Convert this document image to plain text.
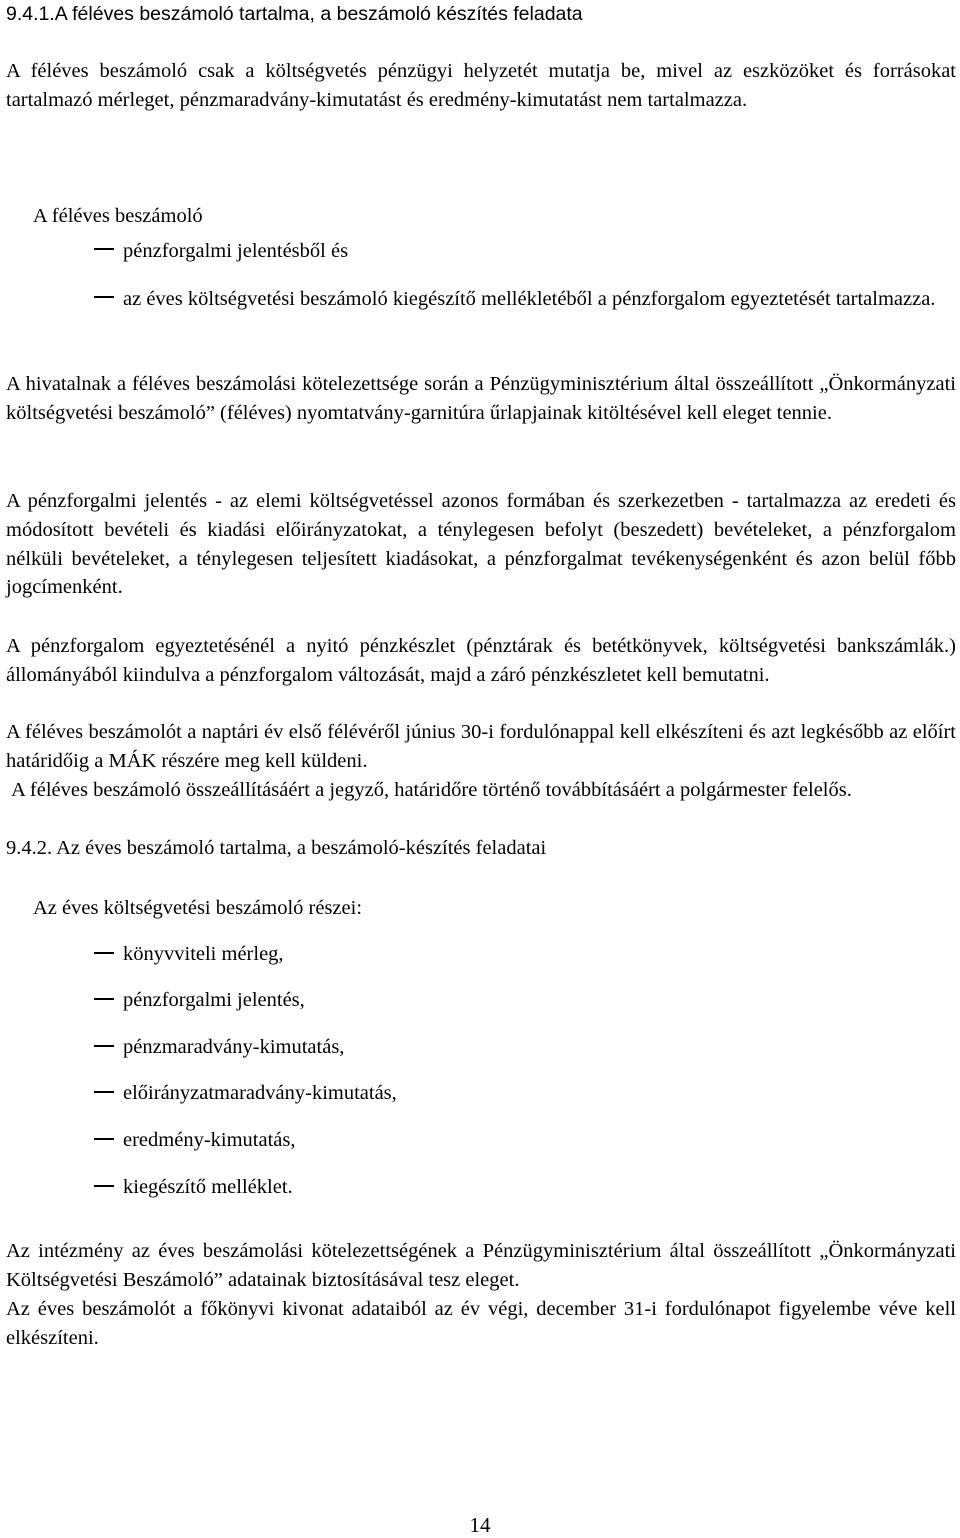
9.4.1.A féléves beszámoló tartalma, a beszámoló készítés feladata
A féléves beszámoló csak a költségvetés pénzügyi helyzetét mutatja be, mivel az eszközöket és forrásokat tartalmazó mérleget, pénzmaradvány-kimutatást és eredmény-kimutatást nem tartalmazza.
A féléves beszámoló
pénzforgalmi jelentésből és
az éves költségvetési beszámoló kiegészítő mellékletéből a pénzforgalom egyeztetését tartalmazza.
A hivatalnak a féléves beszámolási kötelezettsége során a Pénzügyminisztérium által összeállított „Önkormányzati költségvetési beszámoló” (féléves) nyomtatvány-garnitúra űrlapjainak kitöltésével kell eleget tennie.
A pénzforgalmi jelentés - az elemi költségvetéssel azonos formában és szerkezetben - tartalmazza az eredeti és módosított bevételi és kiadási előirányzatokat, a ténylegesen befolyt (beszedett) bevételeket, a pénzforgalom nélküli bevételeket, a ténylegesen teljesített kiadásokat, a pénzforgalmat tevékenységenként és azon belül főbb jogcímenként.
A pénzforgalom egyeztetésénél a nyitó pénzkészlet (pénztárak és betétkönyvek, költségvetési bankszámlák.) állományából kiindulva a pénzforgalom változását, majd a záró pénzkészletet kell bemutatni.
A féléves beszámolót a naptári év első félévéről június 30-i fordulónappal kell elkészíteni és azt legkésőbb az előírt határidőig a MÁK részére meg kell küldeni.
A féléves beszámoló összeállításáért a jegyző, határidőre történő továbbításáért a polgármester felelős.
9.4.2. Az éves beszámoló tartalma, a beszámoló-készítés feladatai
Az éves költségvetési beszámoló részei:
könyvviteli mérleg,
pénzforgalmi jelentés,
pénzmaradvány-kimutatás,
előirányzatmaradvány-kimutatás,
eredmény-kimutatás,
kiegészítő melléklet.
Az intézmény az éves beszámolási kötelezettségének a Pénzügyminisztérium által összeállított „Önkormányzati Költségvetési Beszámoló” adatainak biztosításával tesz eleget.
Az éves beszámolót a főkönyvi kivonat adataiból az év végi, december 31-i fordulónapot figyelembe véve kell elkészíteni.
14
